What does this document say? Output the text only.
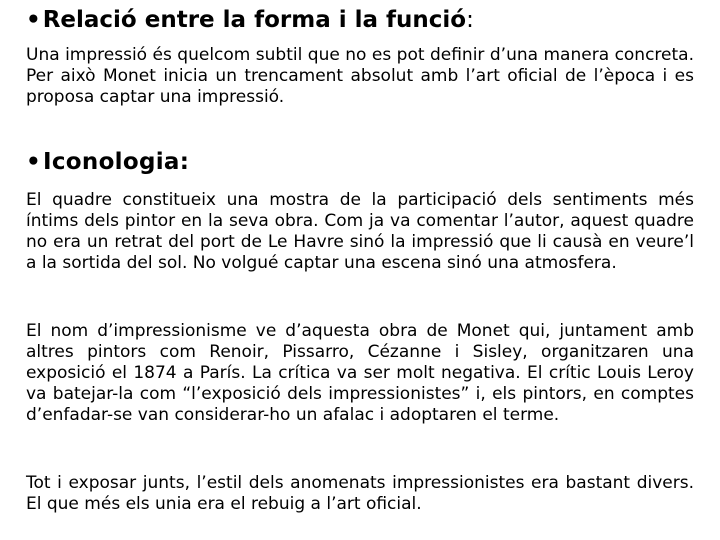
•Relació entre la forma i la funció:

Una impressió és quelcom subtil que no es pot definir d’una manera concreta. Per això Monet inicia un trencament absolut amb l’art oficial de l’època i es proposa captar una impressió.

•Iconologia:

El quadre constitueix una mostra de la participació dels sentiments més íntims dels pintor en la seva obra. Com ja va comentar l’autor, aquest quadre no era un retrat del port de Le Havre sinó la impressió que li causà en veure’l a la sortida del sol. No volgué captar una escena sinó una atmosfera.

El nom d’impressionisme ve d’aquesta obra de Monet qui, juntament amb altres pintors com Renoir, Pissarro, Cézanne i Sisley, organitzaren una exposició el 1874 a París. La crítica va ser molt negativa. El crític Louis Leroy va batejar-la com “l’exposició dels impressionistes” i, els pintors, en comptes d’enfadar-se van considerar-ho un afalac i adoptaren el terme.

Tot i exposar junts, l’estil dels anomenats impressionistes era bastant divers. El que més els unia era el rebuig a l’art oficial.
